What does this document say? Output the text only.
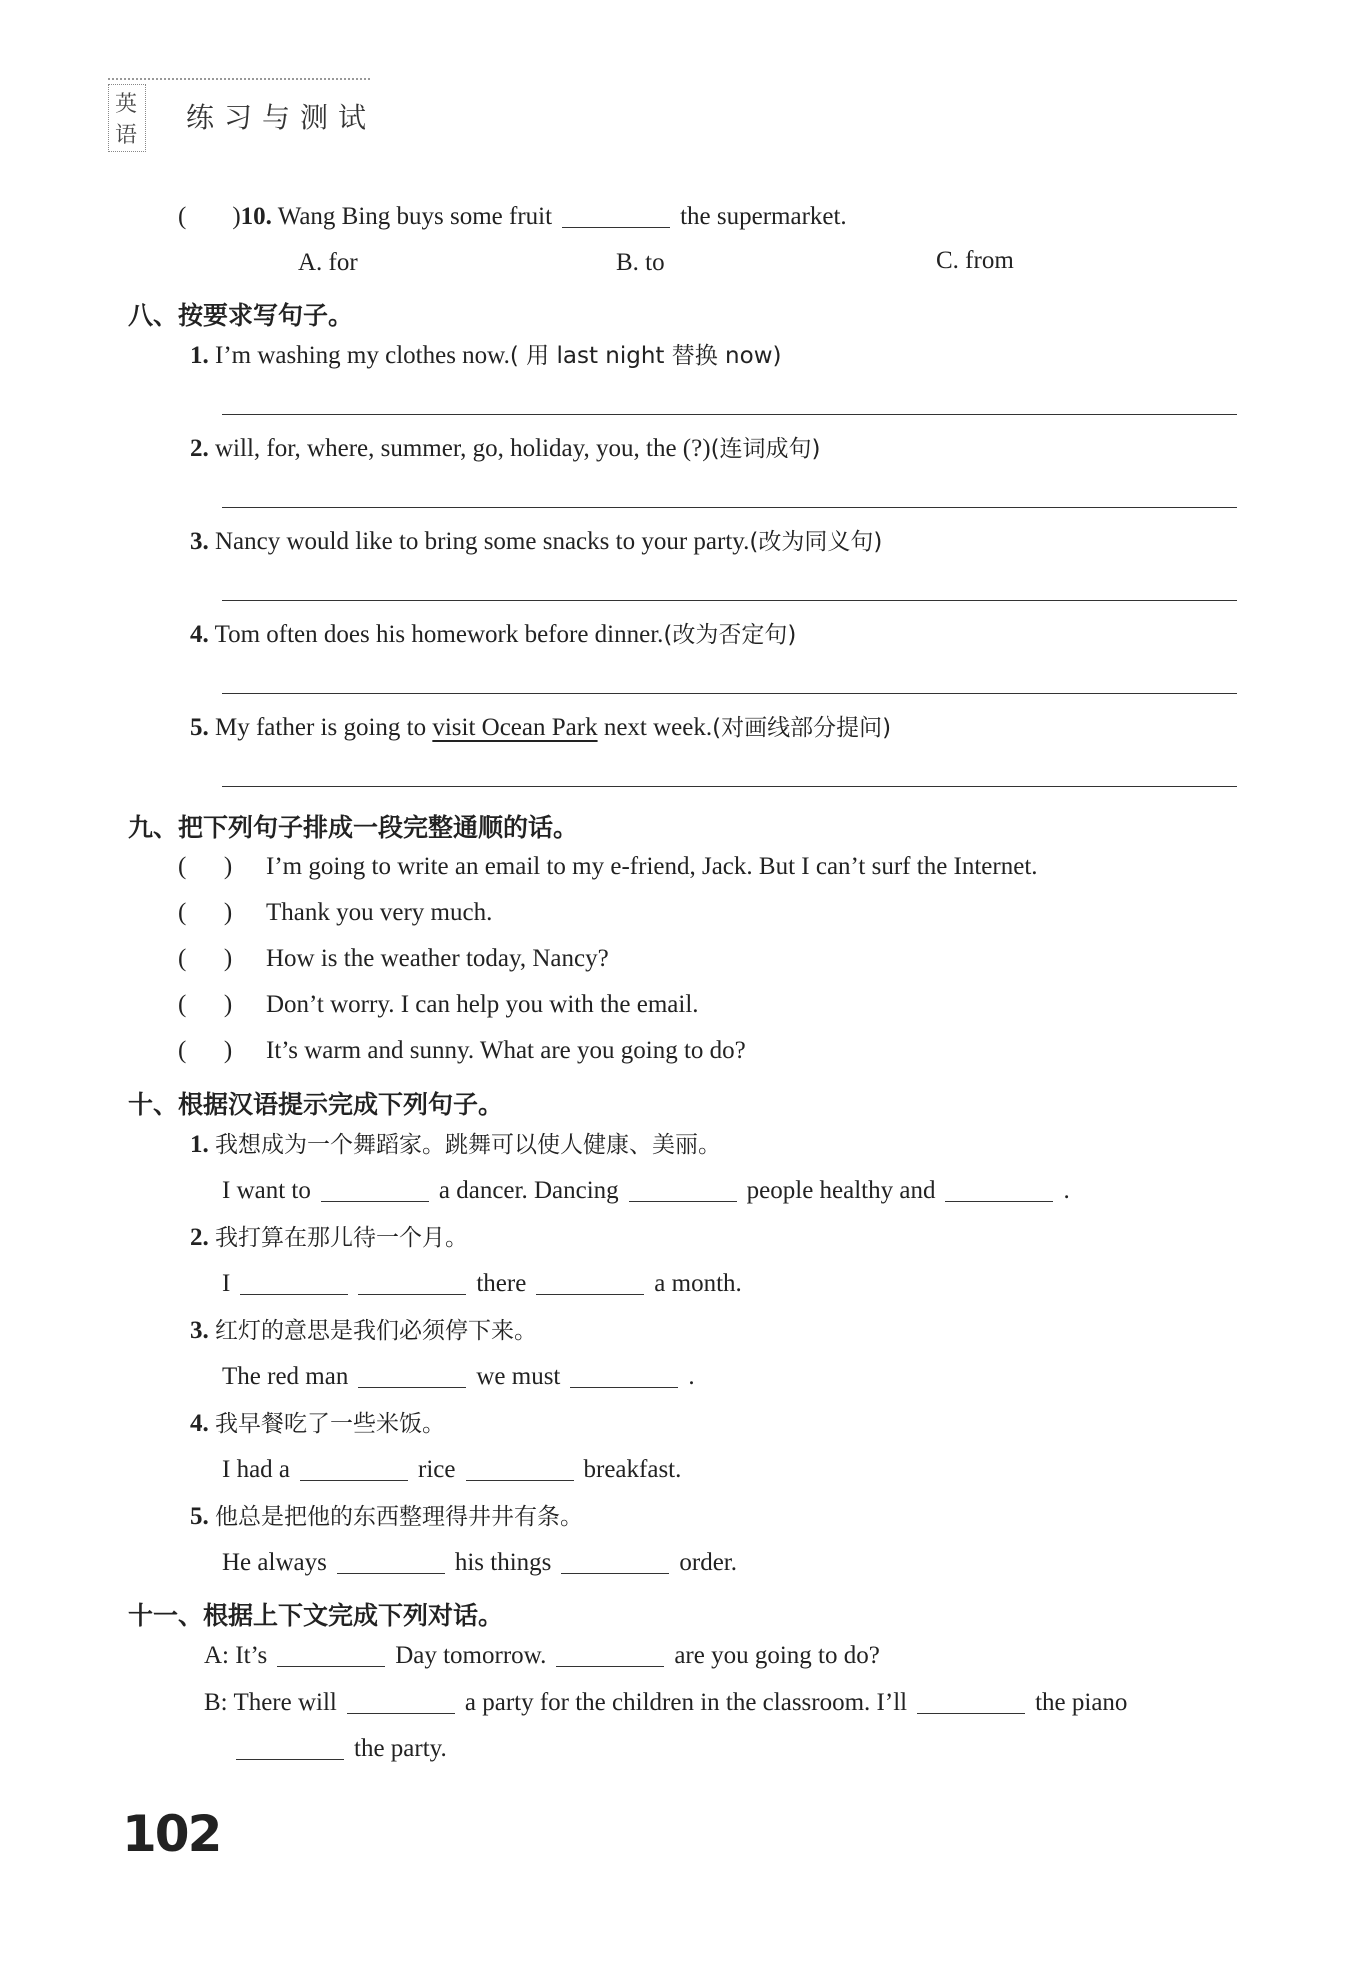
英语
练习与测试
( )10. Wang Bing buys some fruit	the supermarket.
A. for	B. to	C. from
八、按要求写句子。
1. I’m washing my clothes now.( 用 last night 替换 now)
2. will, for, where, summer, go, holiday, you, the (?)(连词成句)
3. Nancy would like to bring some snacks to your party.(改为同义句)
4. Tom often does his homework before dinner.(改为否定句)
5. My father is going to visit Ocean Park next week.(对画线部分提问)
九、把下列句子排成一段完整通顺的话。
(      ) I’m going to write an email to my e-friend, Jack. But I can’t surf the Internet.
(      ) Thank you very much.
(      ) How is the weather today, Nancy?
(      ) Don’t worry. I can help you with the email.
(      ) It’s warm and sunny. What are you going to do?
十、根据汉语提示完成下列句子。
1. 我想成为一个舞蹈家。跳舞可以使人健康、美丽。
I want to	a dancer. Dancing	people healthy and	.
2. 我打算在那儿待一个月。
I	there	a month.
3. 红灯的意思是我们必须停下来。
The red man	we must	.
4. 我早餐吃了一些米饭。
I had a	rice	breakfast.
5. 他总是把他的东西整理得井井有条。
He always	his things	order.
十一、根据上下文完成下列对话。
A: It’s	Day tomorrow.	are you going to do?
B: There will	a party for the children in the classroom. I’ll	the piano
the party.
102
